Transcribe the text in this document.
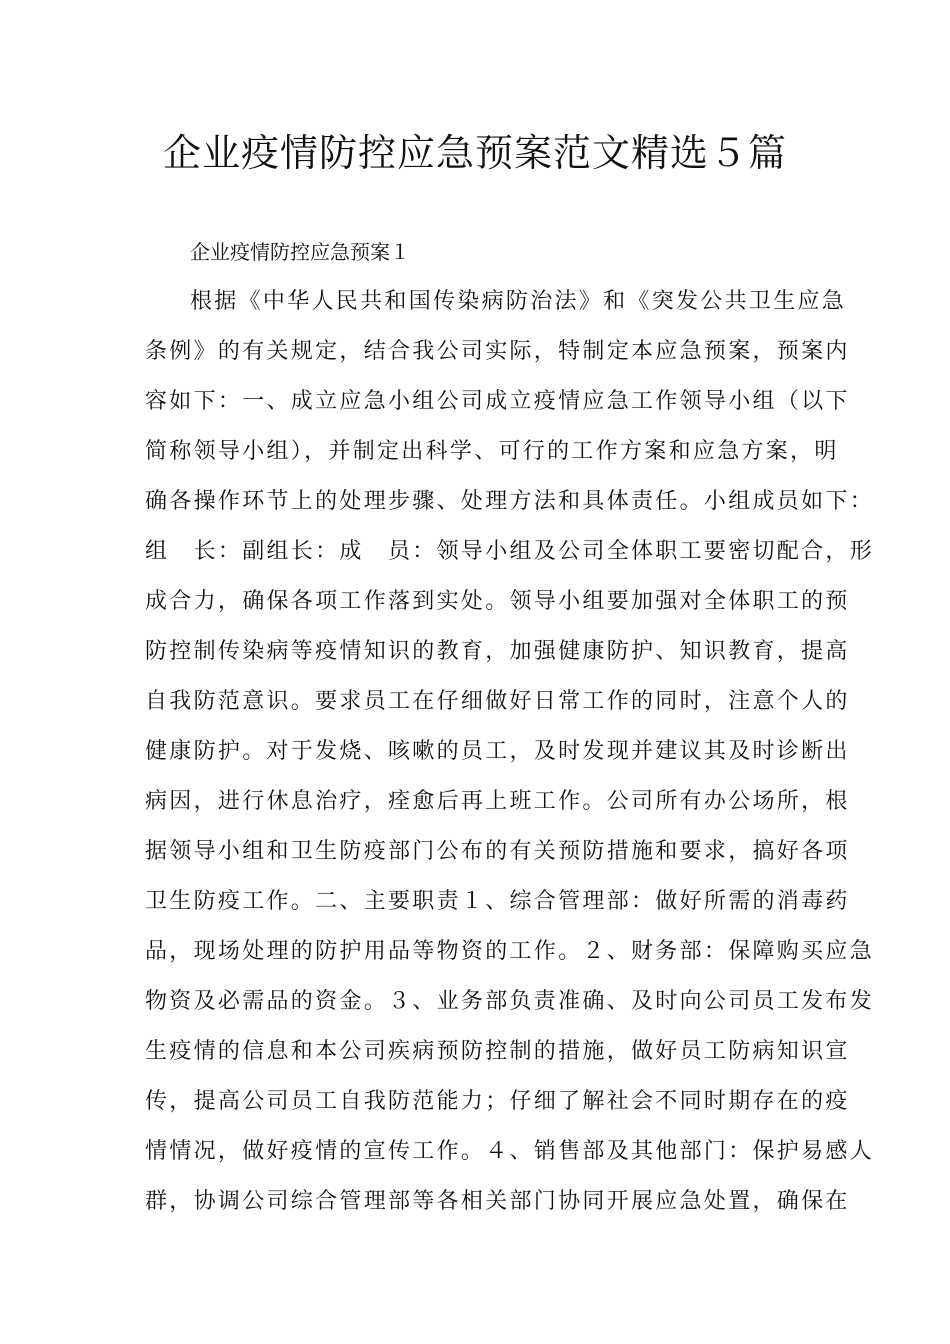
企业疫情防控应急预案范文精选５篇

企业疫情防控应急预案１

根据《中华人民共和国传染病防治法》和《突发公共卫生应急
条例》的有关规定，结合我公司实际，特制定本应急预案，预案内
容如下：一、成立应急小组公司成立疫情应急工作领导小组（以下
简称领导小组），并制定出科学、可行的工作方案和应急方案，明
确各操作环节上的处理步骤、处理方法和具体责任。小组成员如下：
组　长：副组长：成　员：领导小组及公司全体职工要密切配合，形
成合力，确保各项工作落到实处。领导小组要加强对全体职工的预
防控制传染病等疫情知识的教育，加强健康防护、知识教育，提高
自我防范意识。要求员工在仔细做好日常工作的同时，注意个人的
健康防护。对于发烧、咳嗽的员工，及时发现并建议其及时诊断出
病因，进行休息治疗，痊愈后再上班工作。公司所有办公场所，根
据领导小组和卫生防疫部门公布的有关预防措施和要求，搞好各项
卫生防疫工作。二、主要职责１、综合管理部：做好所需的消毒药
品，现场处理的防护用品等物资的工作。２、财务部：保障购买应急
物资及必需品的资金。３、业务部负责准确、及时向公司员工发布发
生疫情的信息和本公司疾病预防控制的措施，做好员工防病知识宣
传，提高公司员工自我防范能力；仔细了解社会不同时期存在的疫
情情况，做好疫情的宣传工作。４、销售部及其他部门：保护易感人
群，协调公司综合管理部等各相关部门协同开展应急处置，确保在
